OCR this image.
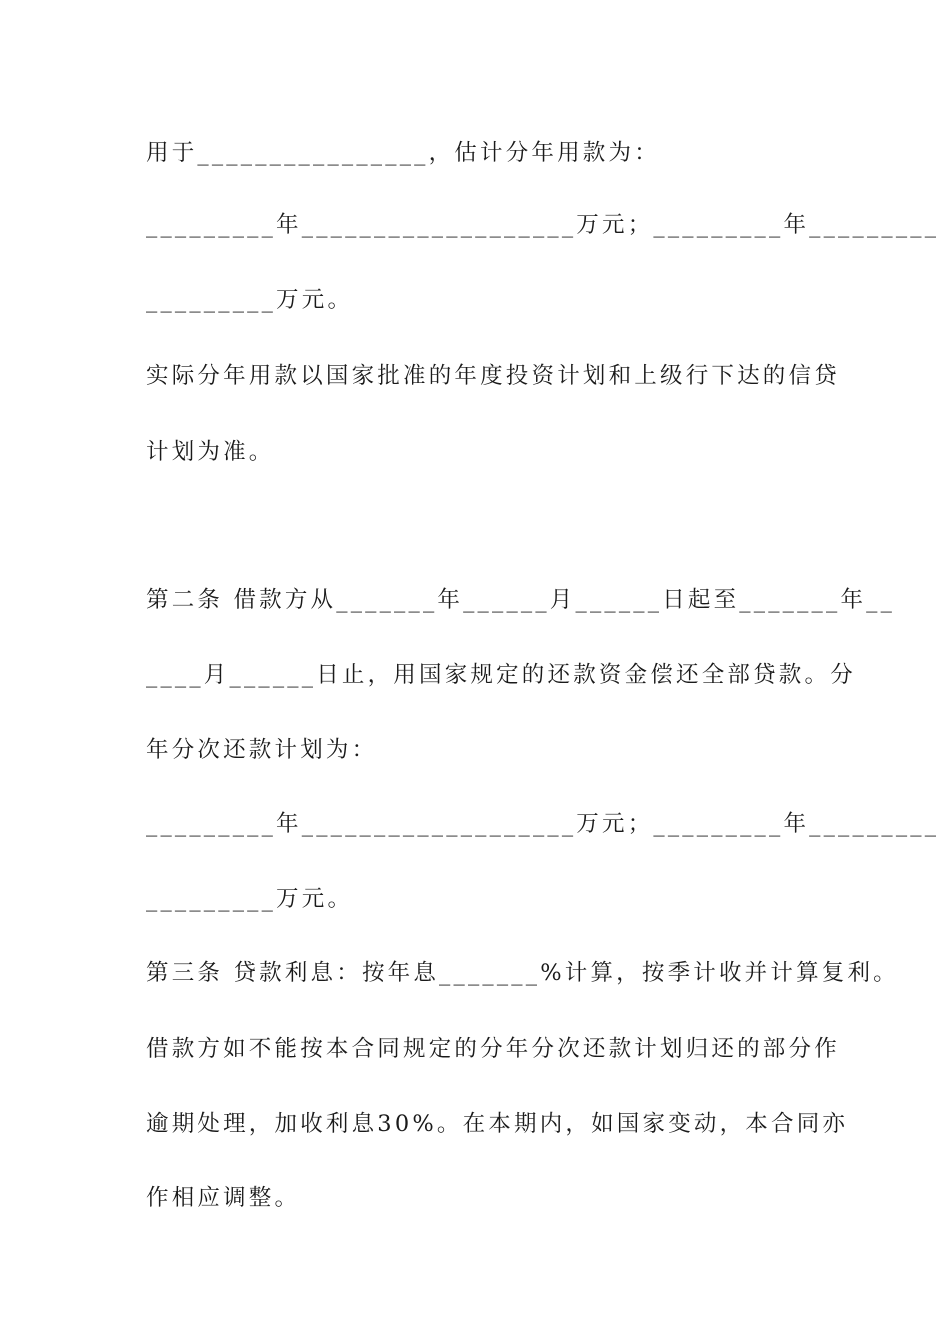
用于________________，估计分年用款为：
_________年___________________万元；_________年_________
_________万元。
实际分年用款以国家批准的年度投资计划和上级行下达的信贷
计划为准。
第二条 借款方从_______年______月______日起至_______年__
____月______日止，用国家规定的还款资金偿还全部贷款。分
年分次还款计划为：
_________年___________________万元；_________年_________
_________万元。
第三条 贷款利息：按年息_______%计算，按季计收并计算复利。
借款方如不能按本合同规定的分年分次还款计划归还的部分作
逾期处理，加收利息30%。在本期内，如国家变动，本合同亦
作相应调整。
